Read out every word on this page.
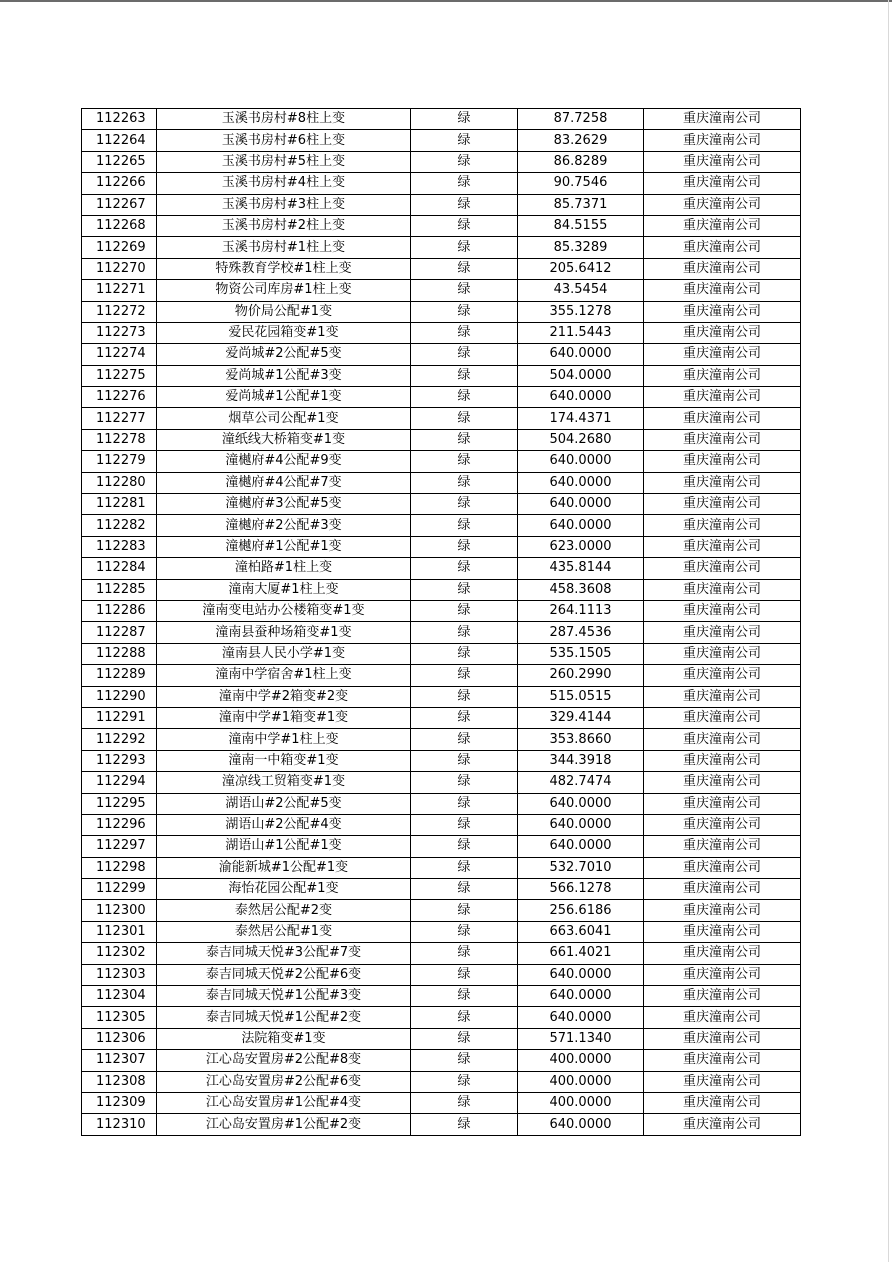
112263	玉溪书房村#8柱上变	绿	87.7258	重庆潼南公司
112264	玉溪书房村#6柱上变	绿	83.2629	重庆潼南公司
112265	玉溪书房村#5柱上变	绿	86.8289	重庆潼南公司
112266	玉溪书房村#4柱上变	绿	90.7546	重庆潼南公司
112267	玉溪书房村#3柱上变	绿	85.7371	重庆潼南公司
112268	玉溪书房村#2柱上变	绿	84.5155	重庆潼南公司
112269	玉溪书房村#1柱上变	绿	85.3289	重庆潼南公司
112270	特殊教育学校#1柱上变	绿	205.6412	重庆潼南公司
112271	物资公司库房#1柱上变	绿	43.5454	重庆潼南公司
112272	物价局公配#1变	绿	355.1278	重庆潼南公司
112273	爱民花园箱变#1变	绿	211.5443	重庆潼南公司
112274	爱尚城#2公配#5变	绿	640.0000	重庆潼南公司
112275	爱尚城#1公配#3变	绿	504.0000	重庆潼南公司
112276	爱尚城#1公配#1变	绿	640.0000	重庆潼南公司
112277	烟草公司公配#1变	绿	174.4371	重庆潼南公司
112278	潼纸线大桥箱变#1变	绿	504.2680	重庆潼南公司
112279	潼樾府#4公配#9变	绿	640.0000	重庆潼南公司
112280	潼樾府#4公配#7变	绿	640.0000	重庆潼南公司
112281	潼樾府#3公配#5变	绿	640.0000	重庆潼南公司
112282	潼樾府#2公配#3变	绿	640.0000	重庆潼南公司
112283	潼樾府#1公配#1变	绿	623.0000	重庆潼南公司
112284	潼柏路#1柱上变	绿	435.8144	重庆潼南公司
112285	潼南大厦#1柱上变	绿	458.3608	重庆潼南公司
112286	潼南变电站办公楼箱变#1变	绿	264.1113	重庆潼南公司
112287	潼南县蚕种场箱变#1变	绿	287.4536	重庆潼南公司
112288	潼南县人民小学#1变	绿	535.1505	重庆潼南公司
112289	潼南中学宿舍#1柱上变	绿	260.2990	重庆潼南公司
112290	潼南中学#2箱变#2变	绿	515.0515	重庆潼南公司
112291	潼南中学#1箱变#1变	绿	329.4144	重庆潼南公司
112292	潼南中学#1柱上变	绿	353.8660	重庆潼南公司
112293	潼南一中箱变#1变	绿	344.3918	重庆潼南公司
112294	潼凉线工贸箱变#1变	绿	482.7474	重庆潼南公司
112295	湖语山#2公配#5变	绿	640.0000	重庆潼南公司
112296	湖语山#2公配#4变	绿	640.0000	重庆潼南公司
112297	湖语山#1公配#1变	绿	640.0000	重庆潼南公司
112298	渝能新城#1公配#1变	绿	532.7010	重庆潼南公司
112299	海怡花园公配#1变	绿	566.1278	重庆潼南公司
112300	泰然居公配#2变	绿	256.6186	重庆潼南公司
112301	泰然居公配#1变	绿	663.6041	重庆潼南公司
112302	泰吉同城天悦#3公配#7变	绿	661.4021	重庆潼南公司
112303	泰吉同城天悦#2公配#6变	绿	640.0000	重庆潼南公司
112304	泰吉同城天悦#1公配#3变	绿	640.0000	重庆潼南公司
112305	泰吉同城天悦#1公配#2变	绿	640.0000	重庆潼南公司
112306	法院箱变#1变	绿	571.1340	重庆潼南公司
112307	江心岛安置房#2公配#8变	绿	400.0000	重庆潼南公司
112308	江心岛安置房#2公配#6变	绿	400.0000	重庆潼南公司
112309	江心岛安置房#1公配#4变	绿	400.0000	重庆潼南公司
112310	江心岛安置房#1公配#2变	绿	640.0000	重庆潼南公司
